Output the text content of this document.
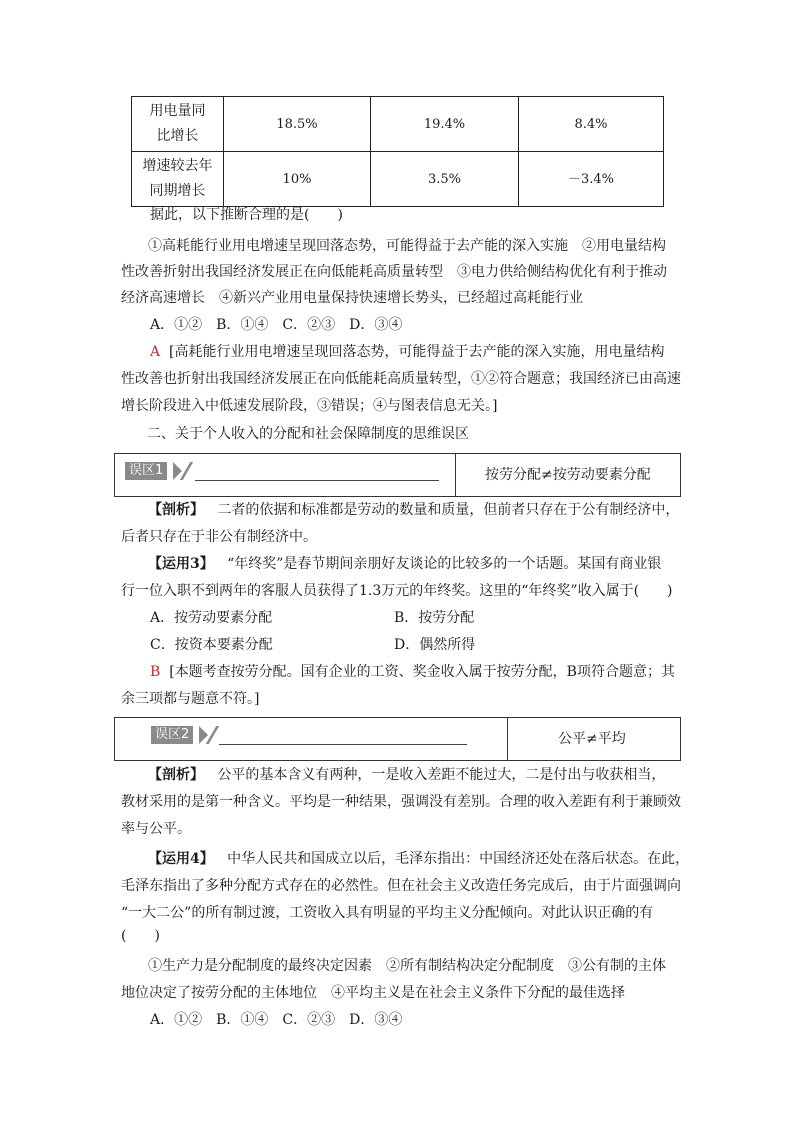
用电量同
比增长	18.5%	19.4%	8.4%
增速较去年
同期增长	10%	3.5%	－3.4%
据此，以下推断合理的是(　　)
①高耗能行业用电增速呈现回落态势，可能得益于去产能的深入实施　②用电量结构
性改善折射出我国经济发展正在向低能耗高质量转型　③电力供给侧结构优化有利于推动
经济高速增长　④新兴产业用电量保持快速增长势头，已经超过高耗能行业
A．①②　B．①④　C．②③　D．③④
A [高耗能行业用电增速呈现回落态势，可能得益于去产能的深入实施，用电量结构
性改善也折射出我国经济发展正在向低能耗高质量转型，①②符合题意；我国经济已由高速
增长阶段进入中低速发展阶段，③错误；④与图表信息无关。]
二、关于个人收入的分配和社会保障制度的思维误区
误区1	按劳分配≠按劳动要素分配
【剖析】 二者的依据和标准都是劳动的数量和质量，但前者只存在于公有制经济中，
后者只存在于非公有制经济中。
【运用3】 “年终奖”是春节期间亲朋好友谈论的比较多的一个话题。某国有商业银
行一位入职不到两年的客服人员获得了1.3万元的年终奖。这里的“年终奖”收入属于(　　)
A．按劳动要素分配	B．按劳分配
C．按资本要素分配	D．偶然所得
B [本题考查按劳分配。国有企业的工资、奖金收入属于按劳分配，B项符合题意；其
余三项都与题意不符。]
误区2	公平≠平均
【剖析】 公平的基本含义有两种，一是收入差距不能过大，二是付出与收获相当，
教材采用的是第一种含义。平均是一种结果，强调没有差别。合理的收入差距有利于兼顾效
率与公平。
【运用4】 中华人民共和国成立以后，毛泽东指出：中国经济还处在落后状态。在此，
毛泽东指出了多种分配方式存在的必然性。但在社会主义改造任务完成后，由于片面强调向
“一大二公”的所有制过渡，工资收入具有明显的平均主义分配倾向。对此认识正确的有
(　　)
①生产力是分配制度的最终决定因素　②所有制结构决定分配制度　③公有制的主体
地位决定了按劳分配的主体地位　④平均主义是在社会主义条件下分配的最佳选择
A．①②　B．①④　C．②③　D．③④
